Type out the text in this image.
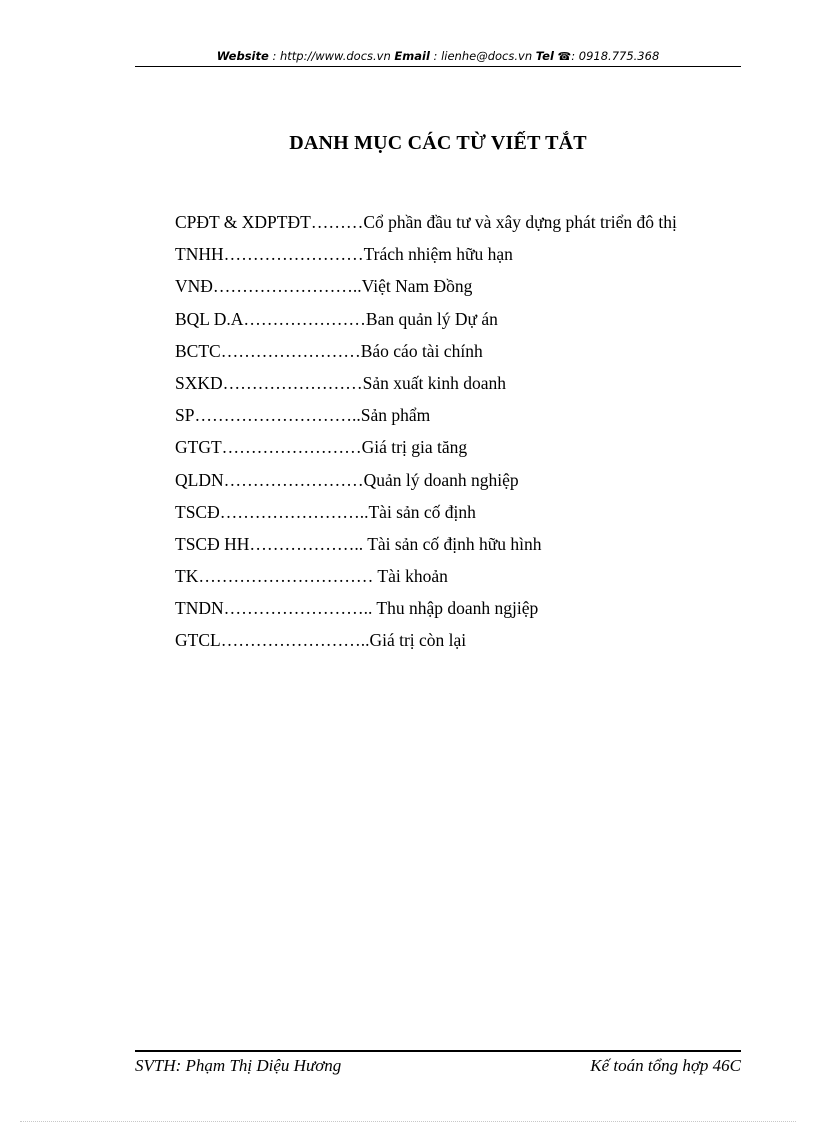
Website : http://www.docs.vn Email : lienhe@docs.vn Tel ☎: 0918.775.368
DANH MỤC CÁC TỪ VIẾT TẮT
CPĐT & XDPTĐT………Cổ phần đầu tư và xây dựng phát triển đô thị
TNHH……………………Trách nhiệm hữu hạn
VNĐ……………………..Việt Nam Đồng
BQL D.A…………………Ban quản lý Dự án
BCTC……………………Báo cáo tài chính
SXKD……………………Sản xuất kinh doanh
SP………………………..Sản phẩm
GTGT……………………Giá trị gia tăng
QLDN……………………Quản lý doanh nghiệp
TSCĐ……………………..Tài sản cố định
TSCĐ HH……………….. Tài sản cố định hữu hình
TK………………………… Tài khoản
TNDN…………………….. Thu nhập doanh ngjiệp
GTCL……………………..Giá trị còn lại
SVTH: Phạm Thị Diệu Hương	Kế toán tổng hợp 46C
